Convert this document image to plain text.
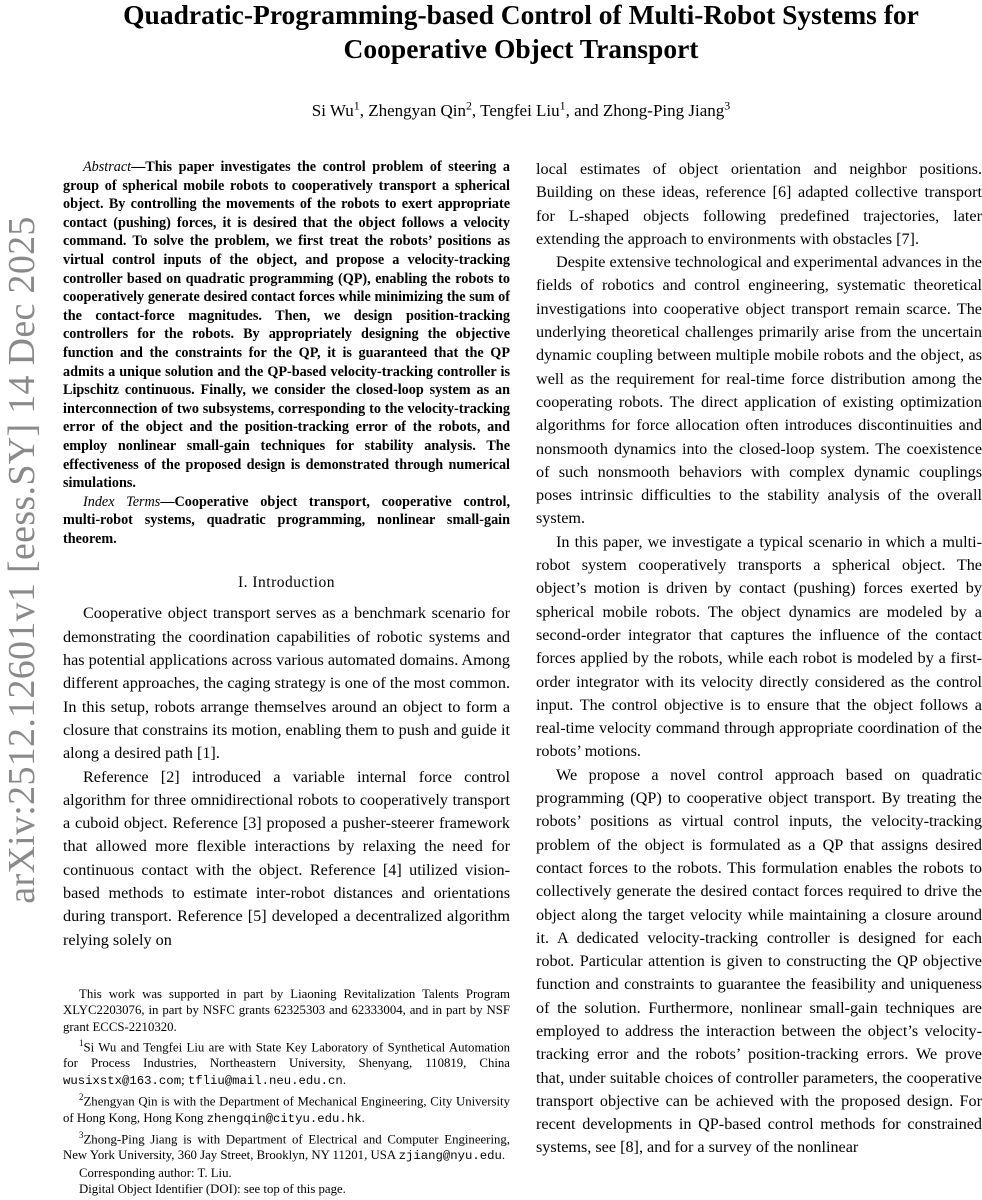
arXiv:2512.12601v1 [eess.SY] 14 Dec 2025
Quadratic-Programming-based Control of Multi-Robot Systems for Cooperative Object Transport
Si Wu$^1$, Zhengyan Qin$^2$, Tengfei Liu$^1$, and Zhong-Ping Jiang$^3$

Abstract—This paper investigates the control problem of steering a group of spherical mobile robots to cooperatively transport a spherical object. By controlling the movements of the robots to exert appropriate contact (pushing) forces, it is desired that the object follows a velocity command. To solve the problem, we first treat the robots’ positions as virtual control inputs of the object, and propose a velocity-tracking controller based on quadratic programming (QP), enabling the robots to cooperatively generate desired contact forces while minimizing the sum of the contact-force magnitudes. Then, we design position-tracking controllers for the robots. By appropriately designing the objective function and the constraints for the QP, it is guaranteed that the QP admits a unique solution and the QP-based velocity-tracking controller is Lipschitz continuous. Finally, we consider the closed-loop system as an interconnection of two subsystems, corresponding to the velocity-tracking error of the object and the position-tracking error of the robots, and employ nonlinear small-gain techniques for stability analysis. The effectiveness of the proposed design is demonstrated through numerical simulations.

Index Terms—Cooperative object transport, cooperative control, multi-robot systems, quadratic programming, nonlinear small-gain theorem.

I. Introduction

Cooperative object transport serves as a benchmark scenario for demonstrating the coordination capabilities of robotic systems and has potential applications across various automated domains. Among different approaches, the caging strategy is one of the most common. In this setup, robots arrange themselves around an object to form a closure that constrains its motion, enabling them to push and guide it along a desired path [1].

Reference [2] introduced a variable internal force control algorithm for three omnidirectional robots to cooperatively transport a cuboid object. Reference [3] proposed a pusher-steerer framework that allowed more flexible interactions by relaxing the need for continuous contact with the object. Reference [4] utilized vision-based methods to estimate inter-robot distances and orientations during transport. Reference [5] developed a decentralized algorithm relying solely on

This work was supported in part by Liaoning Revitalization Talents Program XLYC2203076, in part by NSFC grants 62325303 and 62333004, and in part by NSF grant ECCS-2210320.

$^1$Si Wu and Tengfei Liu are with State Key Laboratory of Synthetical Automation for Process Industries, Northeastern University, Shenyang, 110819, China wusixstx@163.com; tfliu@mail.neu.edu.cn.

$^2$Zhengyan Qin is with the Department of Mechanical Engineering, City University of Hong Kong, Hong Kong zhengqin@cityu.edu.hk.

$^3$Zhong-Ping Jiang is with Department of Electrical and Computer Engineering, New York University, 360 Jay Street, Brooklyn, NY 11201, USA zjiang@nyu.edu.

Corresponding author: T. Liu.

Digital Object Identifier (DOI): see top of this page.

local estimates of object orientation and neighbor positions. Building on these ideas, reference [6] adapted collective transport for L-shaped objects following predefined trajectories, later extending the approach to environments with obstacles [7].

Despite extensive technological and experimental advances in the fields of robotics and control engineering, systematic theoretical investigations into cooperative object transport remain scarce. The underlying theoretical challenges primarily arise from the uncertain dynamic coupling between multiple mobile robots and the object, as well as the requirement for real-time force distribution among the cooperating robots. The direct application of existing optimization algorithms for force allocation often introduces discontinuities and nonsmooth dynamics into the closed-loop system. The coexistence of such nonsmooth behaviors with complex dynamic couplings poses intrinsic difficulties to the stability analysis of the overall system.

In this paper, we investigate a typical scenario in which a multi-robot system cooperatively transports a spherical object. The object’s motion is driven by contact (pushing) forces exerted by spherical mobile robots. The object dynamics are modeled by a second-order integrator that captures the influence of the contact forces applied by the robots, while each robot is modeled by a first-order integrator with its velocity directly considered as the control input. The control objective is to ensure that the object follows a real-time velocity command through appropriate coordination of the robots’ motions.

We propose a novel control approach based on quadratic programming (QP) to cooperative object transport. By treating the robots’ positions as virtual control inputs, the velocity-tracking problem of the object is formulated as a QP that assigns desired contact forces to the robots. This formulation enables the robots to collectively generate the desired contact forces required to drive the object along the target velocity while maintaining a closure around it. A dedicated velocity-tracking controller is designed for each robot. Particular attention is given to constructing the QP objective function and constraints to guarantee the feasibility and uniqueness of the solution. Furthermore, nonlinear small-gain techniques are employed to address the interaction between the object’s velocity-tracking error and the robots’ position-tracking errors. We prove that, under suitable choices of controller parameters, the cooperative transport objective can be achieved with the proposed design. For recent developments in QP-based control methods for constrained systems, see [8], and for a survey of the nonlinear
